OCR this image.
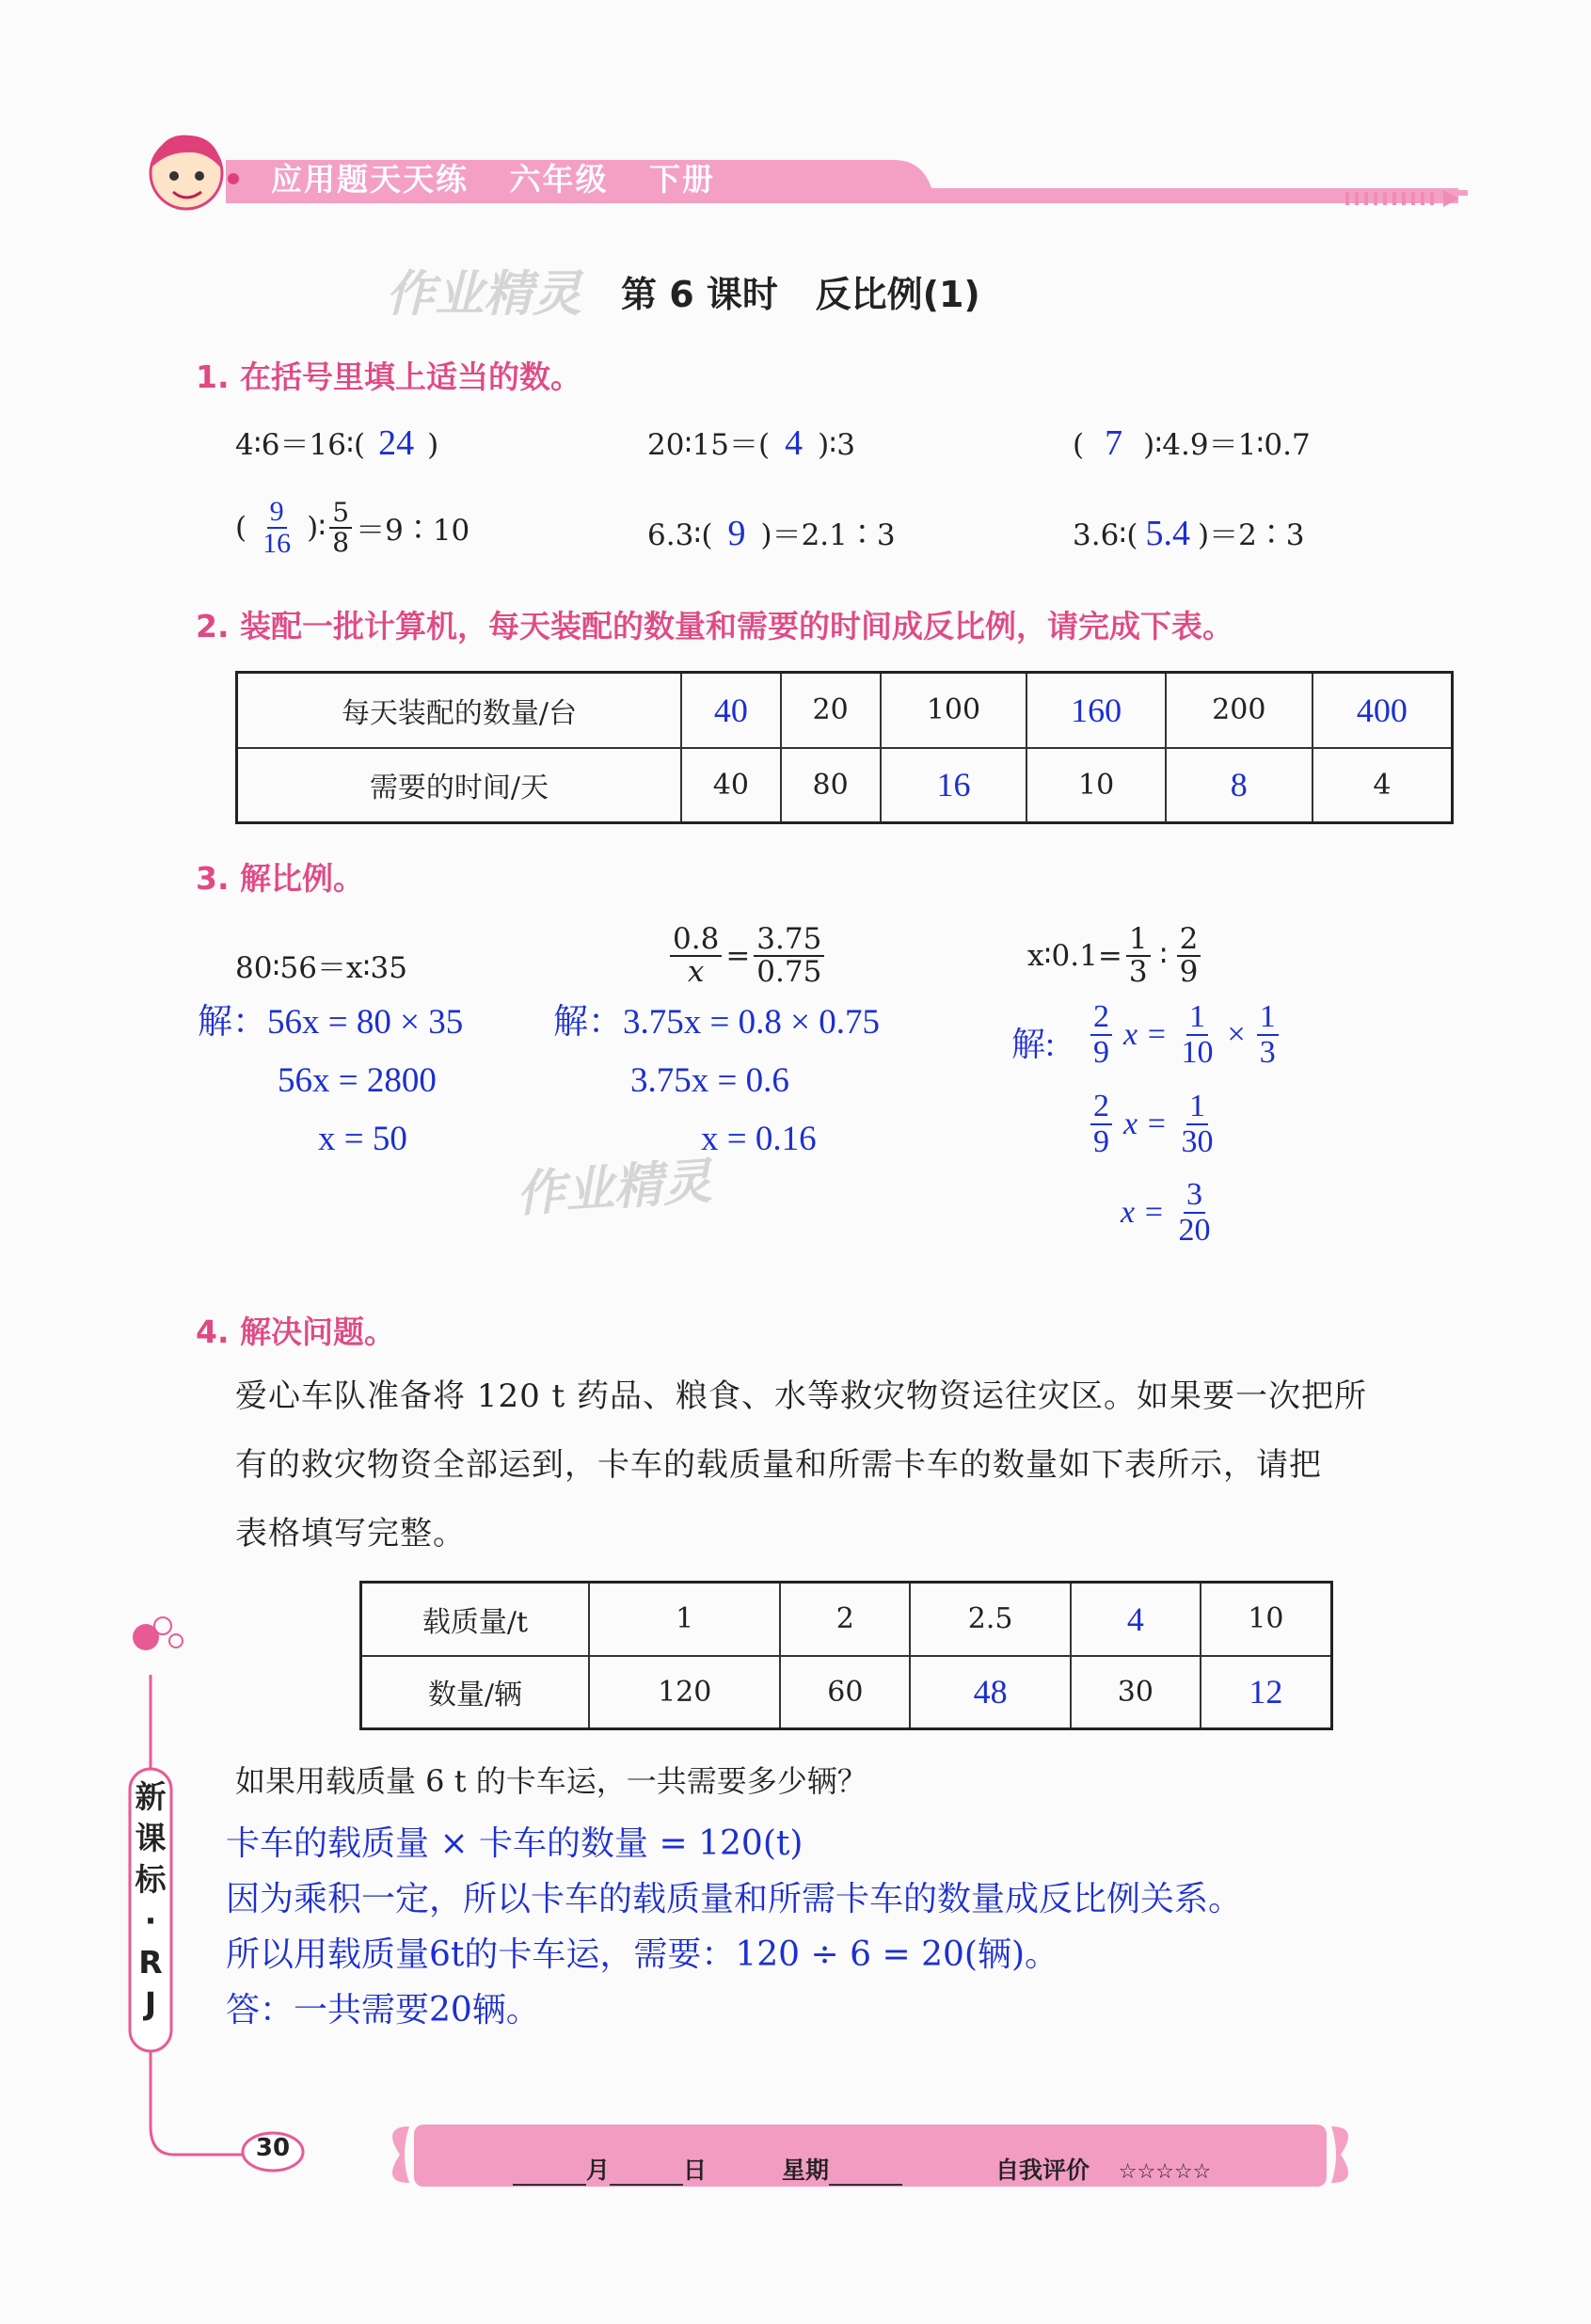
应用题天天练 六年级 下册
作业精灵
作业精灵
第 6 课时   反比例(1)
1. 在括号里填上适当的数。
4∶6＝16∶( 24 )	20∶15＝( 4 )∶3	( 7 )∶4.9＝1∶0.7
( $\frac{9}{16}$ )∶ $\frac{5}{8}$ ＝9∶10	6.3∶( 9 )＝2.1∶3	3.6∶( 5.4 )＝2∶3
2. 装配一批计算机，每天装配的数量和需要的时间成反比例，请完成下表。
每天装配的数量/台	40	20	100	160	200	400
需要的时间/天	40	80	16	10	8	4
3. 解比例。
80∶56＝x∶35
解：56x = 80 × 35
56x = 2800
x = 50
$\frac{0.8}{x} = \frac{3.75}{0.75}$
解：3.75x = 0.8 × 0.75
3.75x = 0.6
x = 0.16
x∶0.1= $\frac{1}{3}$ ∶ $\frac{2}{9}$
解: $\frac{2}{9}$ $x = \frac{1}{10} \times \frac{1}{3}$
$\frac{2}{9}$ $x = \frac{1}{30}$
$x = \frac{3}{20}$
4. 解决问题。
爱心车队准备将 120 t 药品、粮食、水等救灾物资运往灾区。如果要一次把所
有的救灾物资全部运到，卡车的载质量和所需卡车的数量如下表所示，请把
表格填写完整。
载质量/t	1	2	2.5	4	10
数量/辆	120	60	48	30	12
如果用载质量 6 t 的卡车运，一共需要多少辆？
卡车的载质量 × 卡车的数量 = 120(t)
因为乘积一定，所以卡车的载质量和所需卡车的数量成反比例关系。
所以用载质量6t的卡车运，需要：120 ÷ 6 = 20(辆)。
答：一共需要20辆。
新
课
标
·
R
J
30
月	日	星期	自我评价 ☆☆☆☆☆
